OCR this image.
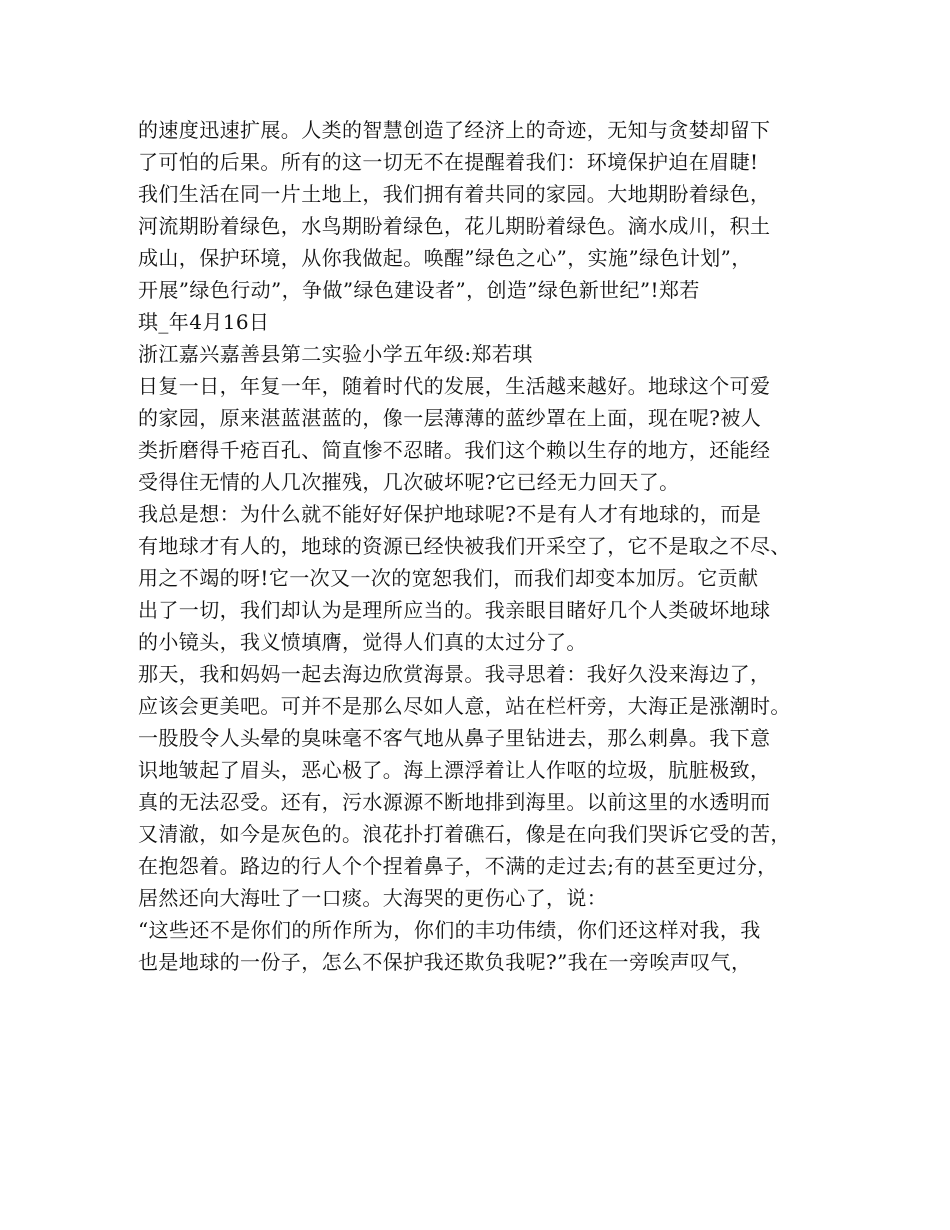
的速度迅速扩展。人类的智慧创造了经济上的奇迹，无知与贪婪却留下
了可怕的后果。所有的这一切无不在提醒着我们：环境保护迫在眉睫!
我们生活在同一片土地上，我们拥有着共同的家园。大地期盼着绿色，
河流期盼着绿色，水鸟期盼着绿色，花儿期盼着绿色。滴水成川，积土
成山，保护环境，从你我做起。唤醒”绿色之心”，实施”绿色计划”，
开展”绿色行动”，争做”绿色建设者”，创造”绿色新世纪”!郑若
琪_年4月16日
浙江嘉兴嘉善县第二实验小学五年级:郑若琪
日复一日，年复一年，随着时代的发展，生活越来越好。地球这个可爱
的家园，原来湛蓝湛蓝的，像一层薄薄的蓝纱罩在上面，现在呢?被人
类折磨得千疮百孔、简直惨不忍睹。我们这个赖以生存的地方，还能经
受得住无情的人几次摧残，几次破坏呢?它已经无力回天了。
我总是想：为什么就不能好好保护地球呢?不是有人才有地球的，而是
有地球才有人的，地球的资源已经快被我们开采空了，它不是取之不尽、
用之不竭的呀!它一次又一次的宽恕我们，而我们却变本加厉。它贡献
出了一切，我们却认为是理所应当的。我亲眼目睹好几个人类破坏地球
的小镜头，我义愤填膺，觉得人们真的太过分了。
那天，我和妈妈一起去海边欣赏海景。我寻思着：我好久没来海边了，
应该会更美吧。可并不是那么尽如人意，站在栏杆旁，大海正是涨潮时。
一股股令人头晕的臭味毫不客气地从鼻子里钻进去，那么刺鼻。我下意
识地皱起了眉头，恶心极了。海上漂浮着让人作呕的垃圾，肮脏极致，
真的无法忍受。还有，污水源源不断地排到海里。以前这里的水透明而
又清澈，如今是灰色的。浪花扑打着礁石，像是在向我们哭诉它受的苦，
在抱怨着。路边的行人个个捏着鼻子，不满的走过去;有的甚至更过分，
居然还向大海吐了一口痰。大海哭的更伤心了，说：
“这些还不是你们的所作所为，你们的丰功伟绩，你们还这样对我，我
也是地球的一份子，怎么不保护我还欺负我呢?”我在一旁唉声叹气，
